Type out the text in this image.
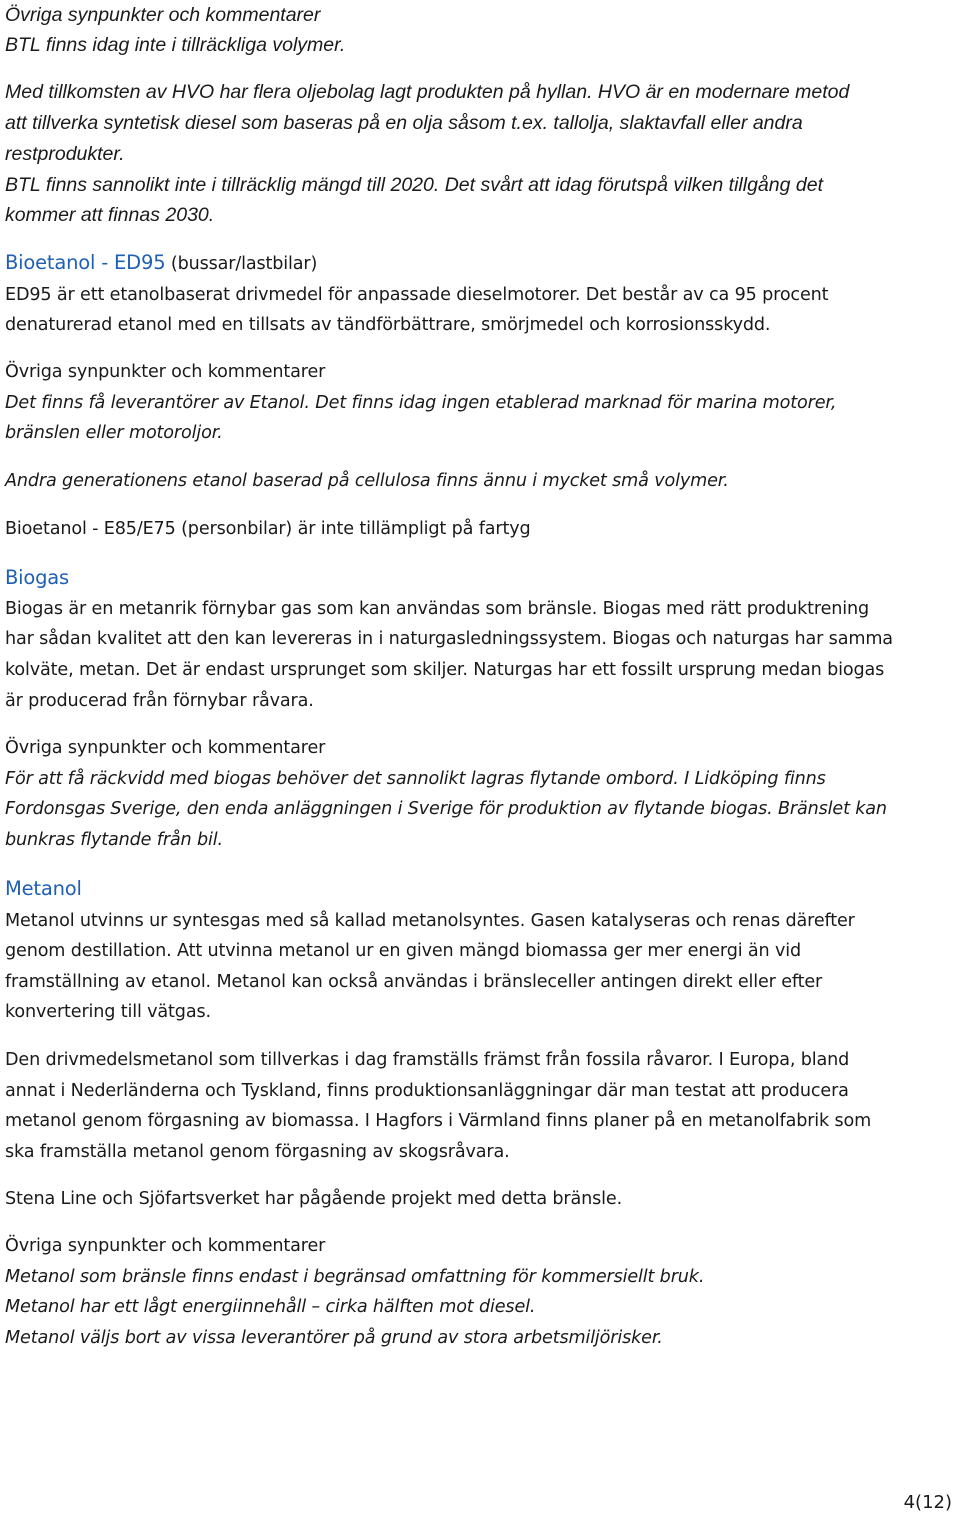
Övriga synpunkter och kommentarer
BTL finns idag inte i tillräckliga volymer.
Med tillkomsten av HVO har flera oljebolag lagt produkten på hyllan. HVO är en modernare metod
att tillverka syntetisk diesel som baseras på en olja såsom t.ex. tallolja, slaktavfall eller andra
restprodukter.
BTL finns sannolikt inte i tillräcklig mängd till 2020. Det svårt att idag förutspå vilken tillgång det
kommer att finnas 2030.
Bioetanol - ED95 (bussar/lastbilar)
ED95 är ett etanolbaserat drivmedel för anpassade dieselmotorer. Det består av ca 95 procent
denaturerad etanol med en tillsats av tändförbättrare, smörjmedel och korrosionsskydd.
Övriga synpunkter och kommentarer
Det finns få leverantörer av Etanol. Det finns idag ingen etablerad marknad för marina motorer,
bränslen eller motoroljor.
Andra generationens etanol baserad på cellulosa finns ännu i mycket små volymer.
Bioetanol - E85/E75 (personbilar) är inte tillämpligt på fartyg
Biogas
Biogas är en metanrik förnybar gas som kan användas som bränsle. Biogas med rätt produktrening
har sådan kvalitet att den kan levereras in i naturgasledningssystem. Biogas och naturgas har samma
kolväte, metan. Det är endast ursprunget som skiljer. Naturgas har ett fossilt ursprung medan biogas
är producerad från förnybar råvara.
Övriga synpunkter och kommentarer
För att få räckvidd med biogas behöver det sannolikt lagras flytande ombord. I Lidköping finns
Fordonsgas Sverige, den enda anläggningen i Sverige för produktion av flytande biogas. Bränslet kan
bunkras flytande från bil.
Metanol
Metanol utvinns ur syntesgas med så kallad metanolsyntes. Gasen katalyseras och renas därefter
genom destillation. Att utvinna metanol ur en given mängd biomassa ger mer energi än vid
framställning av etanol. Metanol kan också användas i bränsleceller antingen direkt eller efter
konvertering till vätgas.
Den drivmedelsmetanol som tillverkas i dag framställs främst från fossila råvaror. I Europa, bland
annat i Nederländerna och Tyskland, finns produktionsanläggningar där man testat att producera
metanol genom förgasning av biomassa. I Hagfors i Värmland finns planer på en metanolfabrik som
ska framställa metanol genom förgasning av skogsråvara.
Stena Line och Sjöfartsverket har pågående projekt med detta bränsle.
Övriga synpunkter och kommentarer
Metanol som bränsle finns endast i begränsad omfattning för kommersiellt bruk.
Metanol har ett lågt energiinnehåll – cirka hälften mot diesel.
Metanol väljs bort av vissa leverantörer på grund av stora arbetsmiljörisker.
4(12)
